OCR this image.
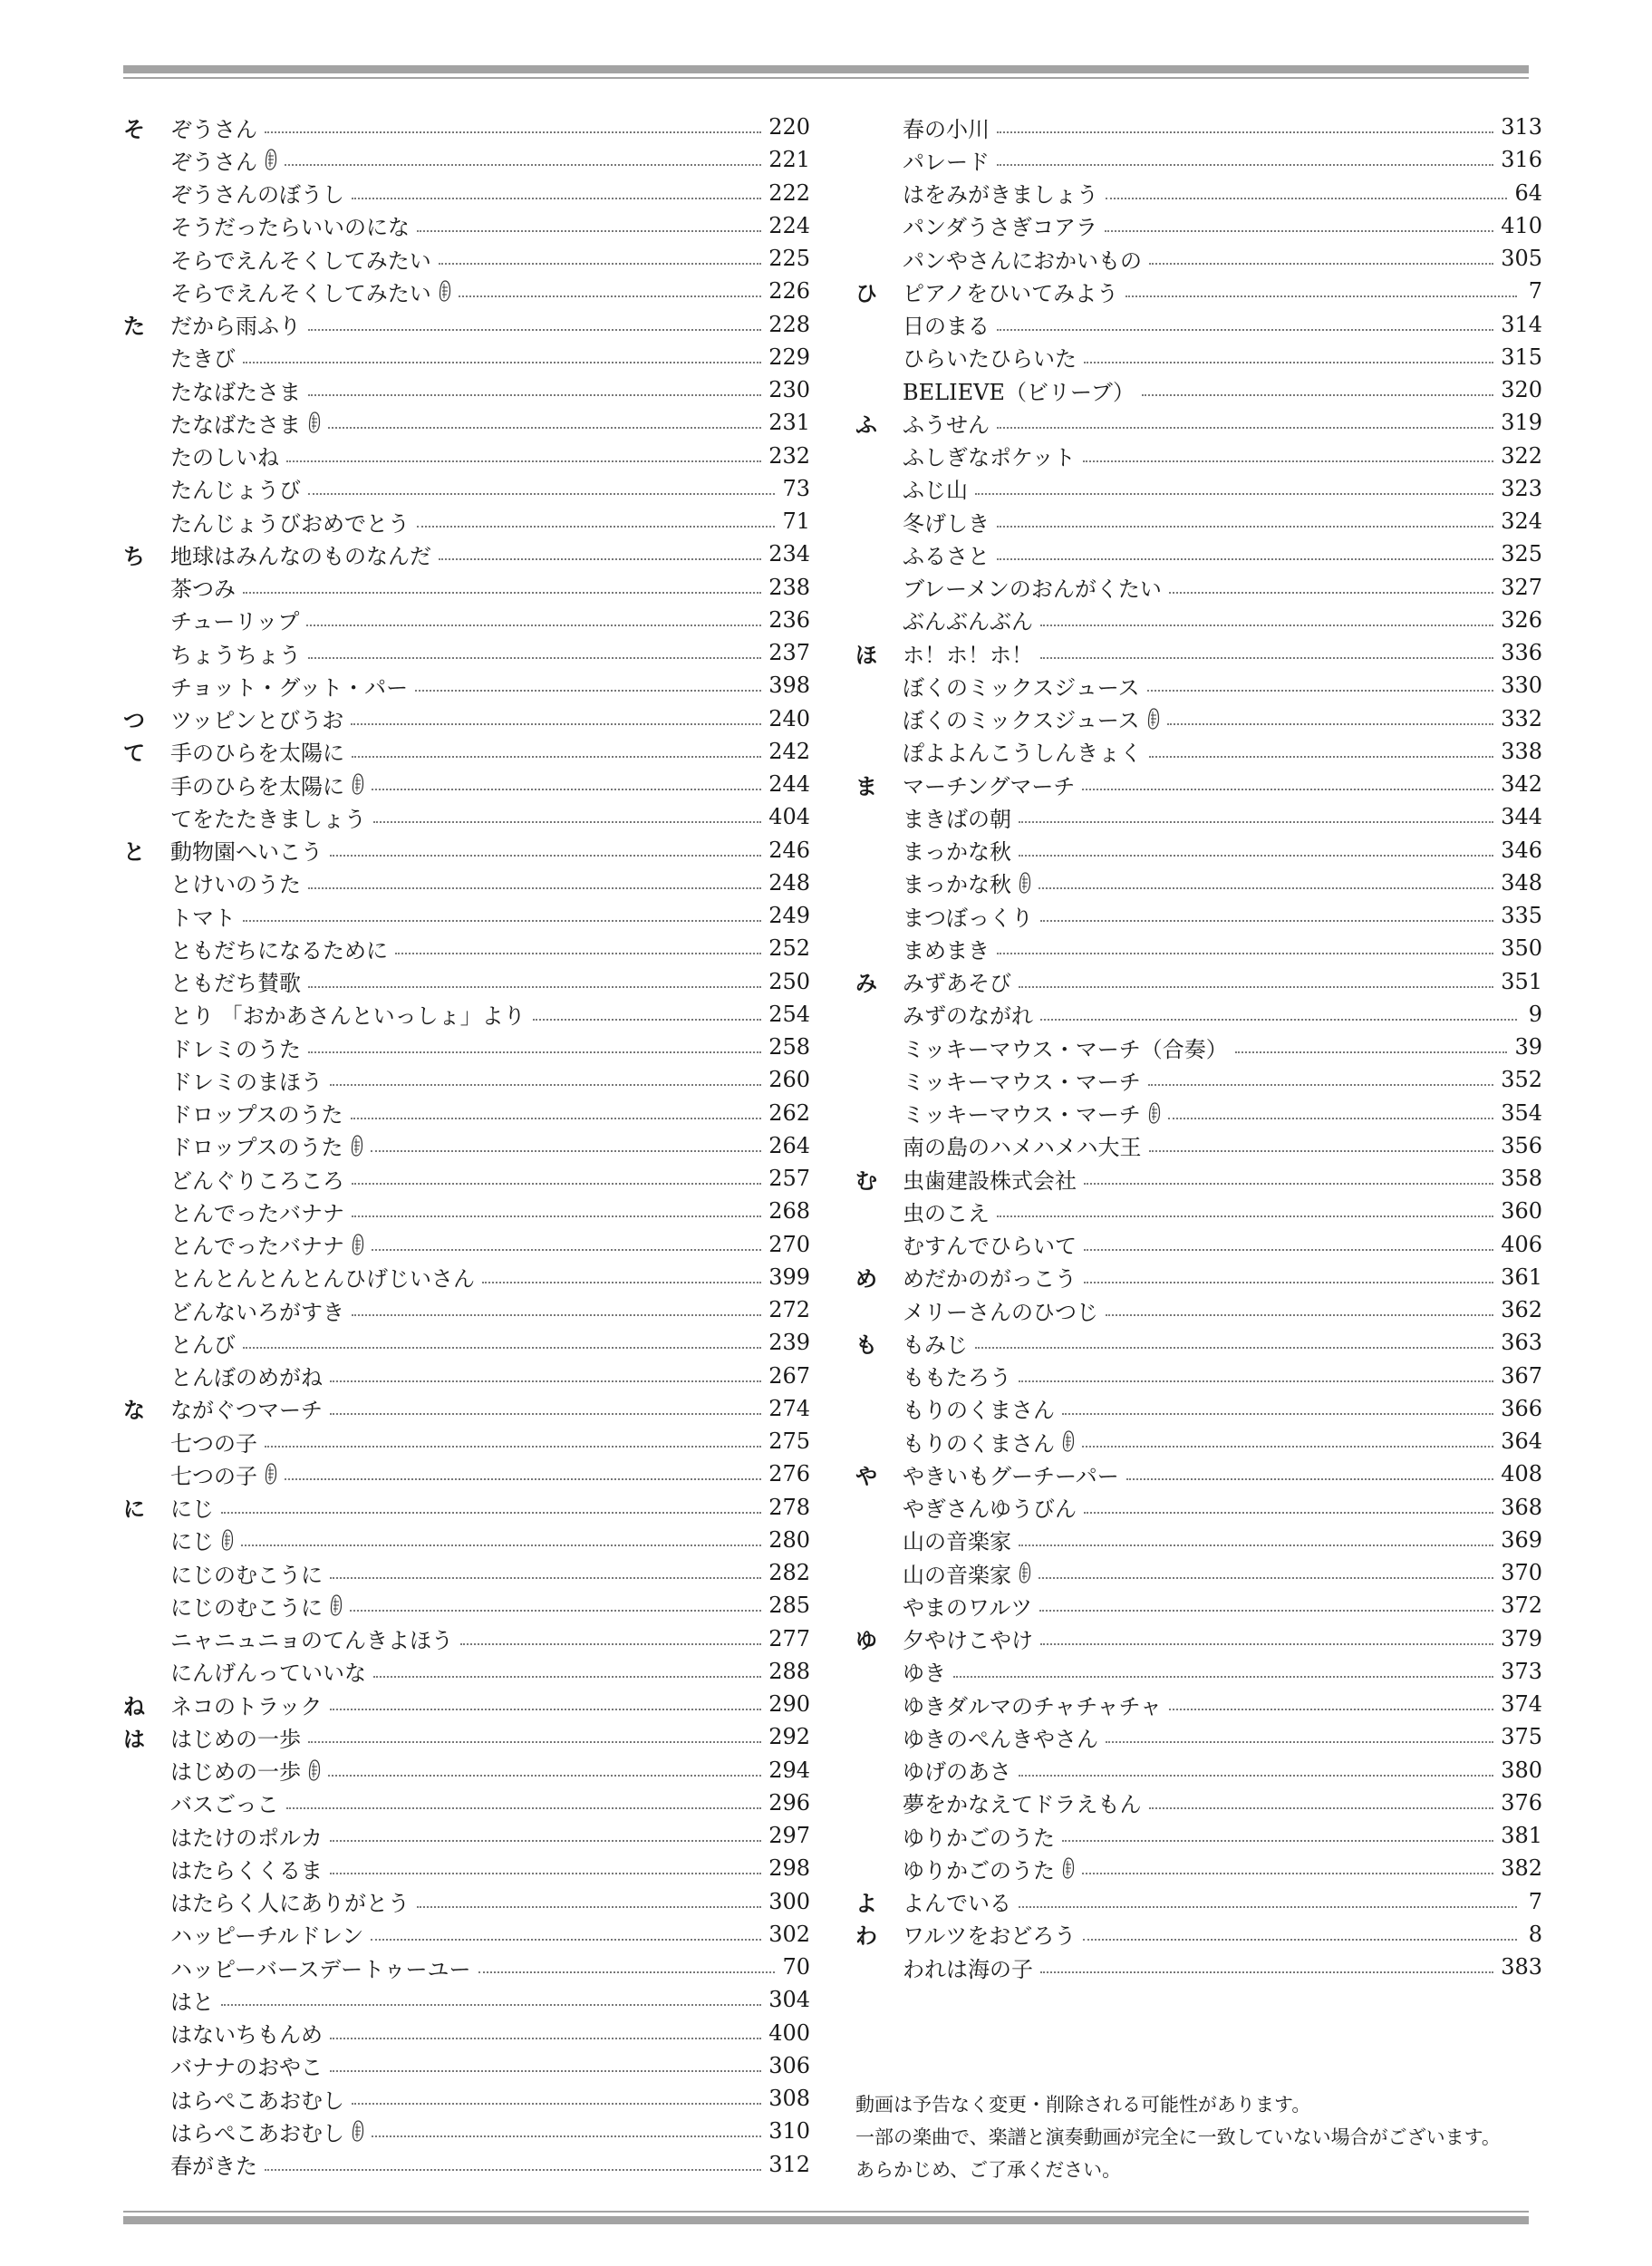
そ	ぞうさん	220
ぞうさん	221
ぞうさんのぼうし	222
そうだったらいいのにな	224
そらでえんそくしてみたい	225
そらでえんそくしてみたい	226
た	だから雨ふり	228
たきび	229
たなばたさま	230
たなばたさま	231
たのしいね	232
たんじょうび	73
たんじょうびおめでとう	71
ち	地球はみんなのものなんだ	234
茶つみ	238
チューリップ	236
ちょうちょう	237
チョット・グット・パー	398
つ	ツッピンとびうお	240
て	手のひらを太陽に	242
手のひらを太陽に	244
てをたたきましょう	404
と	動物園へいこう	246
とけいのうた	248
トマト	249
ともだちになるために	252
ともだち賛歌	250
とり 「おかあさんといっしょ」より	254
ドレミのうた	258
ドレミのまほう	260
ドロップスのうた	262
ドロップスのうた	264
どんぐりころころ	257
とんでったバナナ	268
とんでったバナナ	270
とんとんとんとんひげじいさん	399
どんないろがすき	272
とんび	239
とんぼのめがね	267
な	ながぐつマーチ	274
七つの子	275
七つの子	276
に	にじ	278
にじ	280
にじのむこうに	282
にじのむこうに	285
ニャニュニョのてんきよほう	277
にんげんっていいな	288
ね	ネコのトラック	290
は	はじめの一歩	292
はじめの一歩	294
バスごっこ	296
はたけのポルカ	297
はたらくくるま	298
はたらく人にありがとう	300
ハッピーチルドレン	302
ハッピーバースデートゥーユー	70
はと	304
はないちもんめ	400
バナナのおやこ	306
はらぺこあおむし	308
はらぺこあおむし	310
春がきた	312
春の小川	313
パレード	316
はをみがきましょう	64
パンダうさぎコアラ	410
パンやさんにおかいもの	305
ひ	ピアノをひいてみよう	7
日のまる	314
ひらいたひらいた	315
BELIEVE（ビリーブ）	320
ふ	ふうせん	319
ふしぎなポケット	322
ふじ山	323
冬げしき	324
ふるさと	325
ブレーメンのおんがくたい	327
ぶんぶんぶん	326
ほ	ホ！ホ！ホ！	336
ぼくのミックスジュース	330
ぼくのミックスジュース	332
ぽよよんこうしんきょく	338
ま	マーチングマーチ	342
まきばの朝	344
まっかな秋	346
まっかな秋	348
まつぼっくり	335
まめまき	350
み	みずあそび	351
みずのながれ	9
ミッキーマウス・マーチ（合奏）	39
ミッキーマウス・マーチ	352
ミッキーマウス・マーチ	354
南の島のハメハメハ大王	356
む	虫歯建設株式会社	358
虫のこえ	360
むすんでひらいて	406
め	めだかのがっこう	361
メリーさんのひつじ	362
も	もみじ	363
ももたろう	367
もりのくまさん	366
もりのくまさん	364
や	やきいもグーチーパー	408
やぎさんゆうびん	368
山の音楽家	369
山の音楽家	370
やまのワルツ	372
ゆ	夕やけこやけ	379
ゆき	373
ゆきダルマのチャチャチャ	374
ゆきのぺんきやさん	375
ゆげのあさ	380
夢をかなえてドラえもん	376
ゆりかごのうた	381
ゆりかごのうた	382
よ	よんでいる	7
わ	ワルツをおどろう	8
われは海の子	383
動画は予告なく変更・削除される可能性があります。
一部の楽曲で、楽譜と演奏動画が完全に一致していない場合がございます。
あらかじめ、ご了承ください。
